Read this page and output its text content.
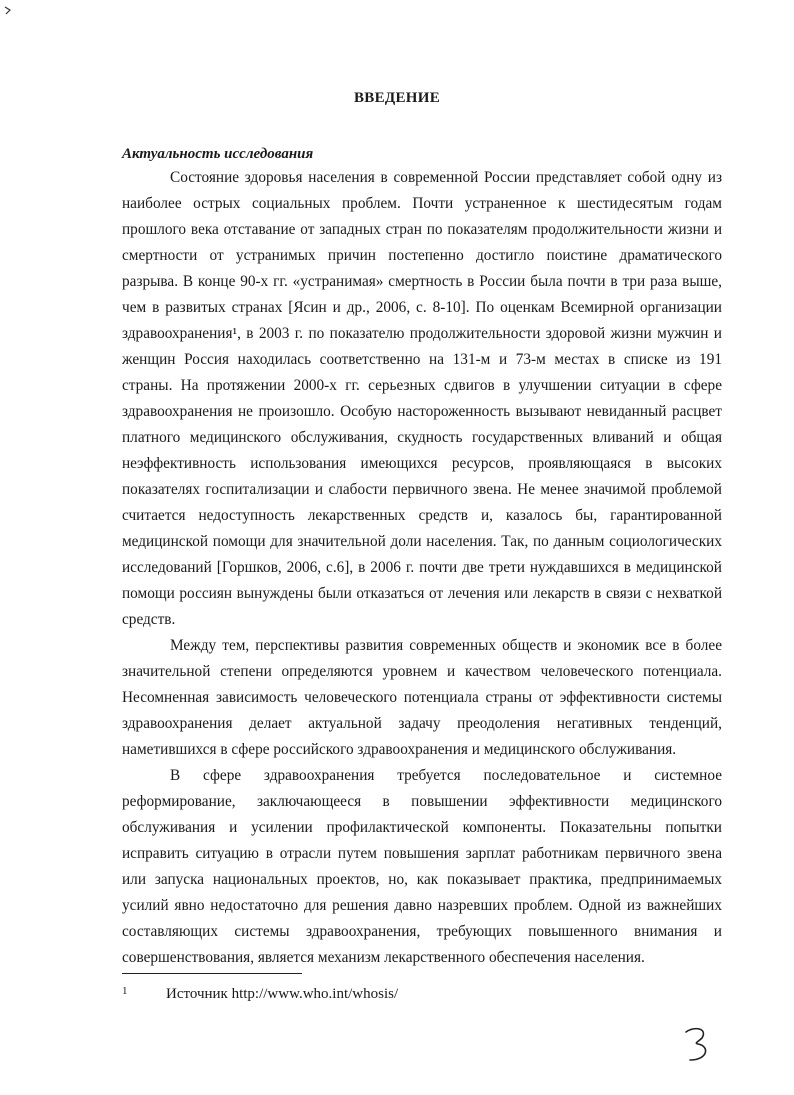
ВВЕДЕНИЕ
Актуальность исследования
Состояние здоровья населения в современной России представляет собой одну из
наиболее острых социальных проблем. Почти устраненное к шестидесятым годам
прошлого века отставание от западных стран по показателям продолжительности жизни и
смертности от устранимых причин постепенно достигло поистине драматического
разрыва. В конце 90-х гг. «устранимая» смертность в России была почти в три раза выше,
чем в развитых странах [Ясин и др., 2006, с. 8-10]. По оценкам Всемирной организации
здравоохранения¹, в 2003 г. по показателю продолжительности здоровой жизни мужчин и
женщин Россия находилась соответственно на 131-м и 73-м местах в списке из 191
страны. На протяжении 2000-х гг. серьезных сдвигов в улучшении ситуации в сфере
здравоохранения не произошло. Особую настороженность вызывают невиданный расцвет
платного медицинского обслуживания, скудность государственных вливаний и общая
неэффективность использования имеющихся ресурсов, проявляющаяся в высоких
показателях госпитализации и слабости первичного звена. Не менее значимой проблемой
считается недоступность лекарственных средств и, казалось бы, гарантированной
медицинской помощи для значительной доли населения. Так, по данным социологических
исследований [Горшков, 2006, с.6], в 2006 г. почти две трети нуждавшихся в медицинской
помощи россиян вынуждены были отказаться от лечения или лекарств в связи с нехваткой
средств.
Между тем, перспективы развития современных обществ и экономик все в более
значительной степени определяются уровнем и качеством человеческого потенциала.
Несомненная зависимость человеческого потенциала страны от эффективности системы
здравоохранения делает актуальной задачу преодоления негативных тенденций,
наметившихся в сфере российского здравоохранения и медицинского обслуживания.
В сфере здравоохранения требуется последовательное и системное
реформирование, заключающееся в повышении эффективности медицинского
обслуживания и усилении профилактической компоненты. Показательны попытки
исправить ситуацию в отрасли путем повышения зарплат работникам первичного звена
или запуска национальных проектов, но, как показывает практика, предпринимаемых
усилий явно недостаточно для решения давно назревших проблем. Одной из важнейших
составляющих системы здравоохранения, требующих повышенного внимания и
совершенствования, является механизм лекарственного обеспечения населения.
1	Источник http://www.who.int/whosis/
